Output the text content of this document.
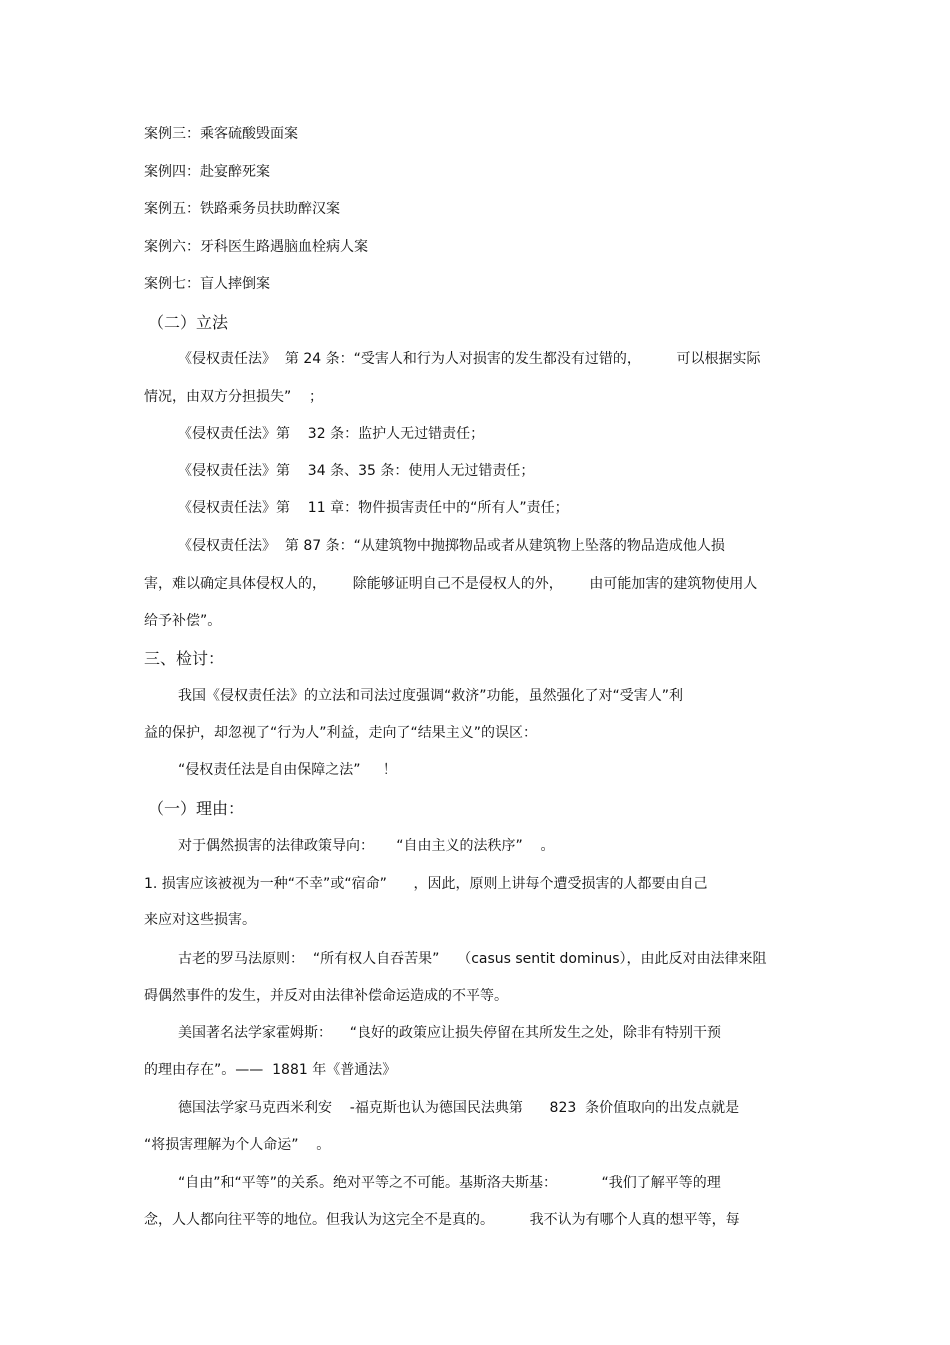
案例三：乘客硫酸毁面案
案例四：赴宴醉死案
案例五：铁路乘务员扶助醉汉案
案例六：牙科医生路遇脑血栓病人案
案例七：盲人摔倒案
（二）立法
《侵权责任法》  第 24 条：“受害人和行为人对损害的发生都没有过错的，        可以根据实际
情况，由双方分担损失”    ；
《侵权责任法》第    32 条：监护人无过错责任；
《侵权责任法》第    34 条、35 条：使用人无过错责任；
《侵权责任法》第    11 章：物件损害责任中的“所有人”责任；
《侵权责任法》  第 87 条：“从建筑物中抛掷物品或者从建筑物上坠落的物品造成他人损
害，难以确定具体侵权人的，      除能够证明自己不是侵权人的外，      由可能加害的建筑物使用人
给予补偿”。
三、检讨：
我国《侵权责任法》的立法和司法过度强调“救济”功能，虽然强化了对“受害人”利
益的保护，却忽视了“行为人”利益，走向了“结果主义”的误区：
“侵权责任法是自由保障之法”     ！
（一）理由：
对于偶然损害的法律政策导向：     “自由主义的法秩序”    。
1. 损害应该被视为一种“不幸”或“宿命”      ，因此，原则上讲每个遭受损害的人都要由自己
来应对这些损害。
古老的罗马法原则：  “所有权人自吞苦果”    （casus sentit dominus），由此反对由法律来阻
碍偶然事件的发生，并反对由法律补偿命运造成的不平等。
美国著名法学家霍姆斯：    “良好的政策应让损失停留在其所发生之处，除非有特别干预
的理由存在”。——  1881 年《普通法》
德国法学家马克西米利安    -福克斯也认为德国民法典第      823  条价值取向的出发点就是
“将损害理解为个人命运”    。
“自由”和“平等”的关系。绝对平等之不可能。基斯洛夫斯基：          “我们了解平等的理
念，人人都向往平等的地位。但我认为这完全不是真的。        我不认为有哪个人真的想平等，每
